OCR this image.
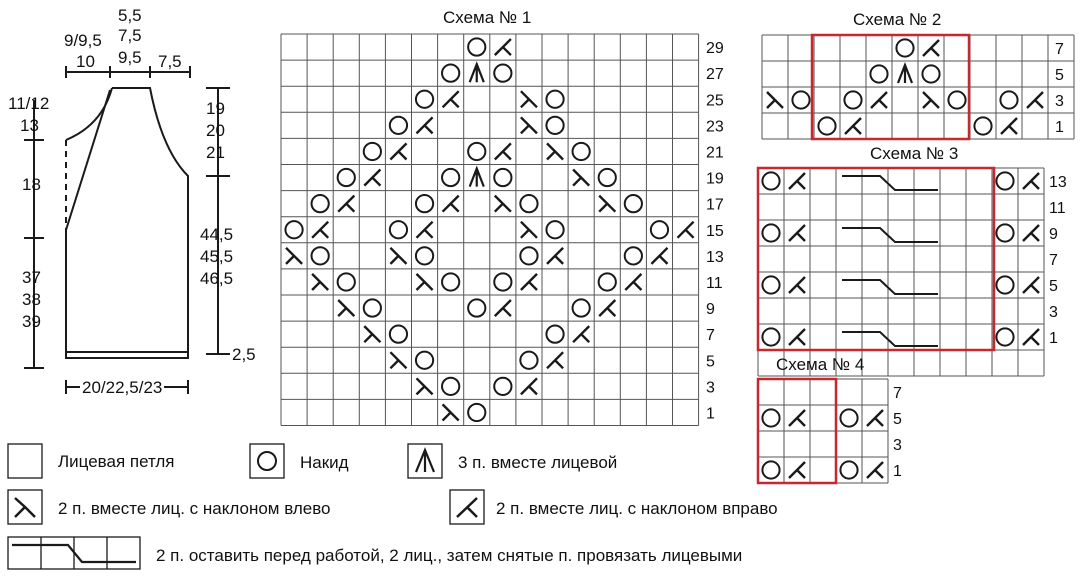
5,5
7,5
9,5
9/9,5
10	7,5
11/12
13
18
37
38
39
19
20
21
44,5
45,5
46,5
2,5
20/22,5/23
29
27
25
23
21
19
17
15
13
11
9
7
5
3
1
7
5
3
1
13
11
9
7
5
3
1
7
5
3
1
Схема № 1	Схема № 2
Схема № 3
Схема № 4
Лицевая петля	Накид	3 п. вместе лицевой
2 п. вместе лиц. с наклоном влево	2 п. вместе лиц. с наклоном вправо
2 п. оставить перед работой, 2 лиц., затем снятые п. провязать лицевыми
